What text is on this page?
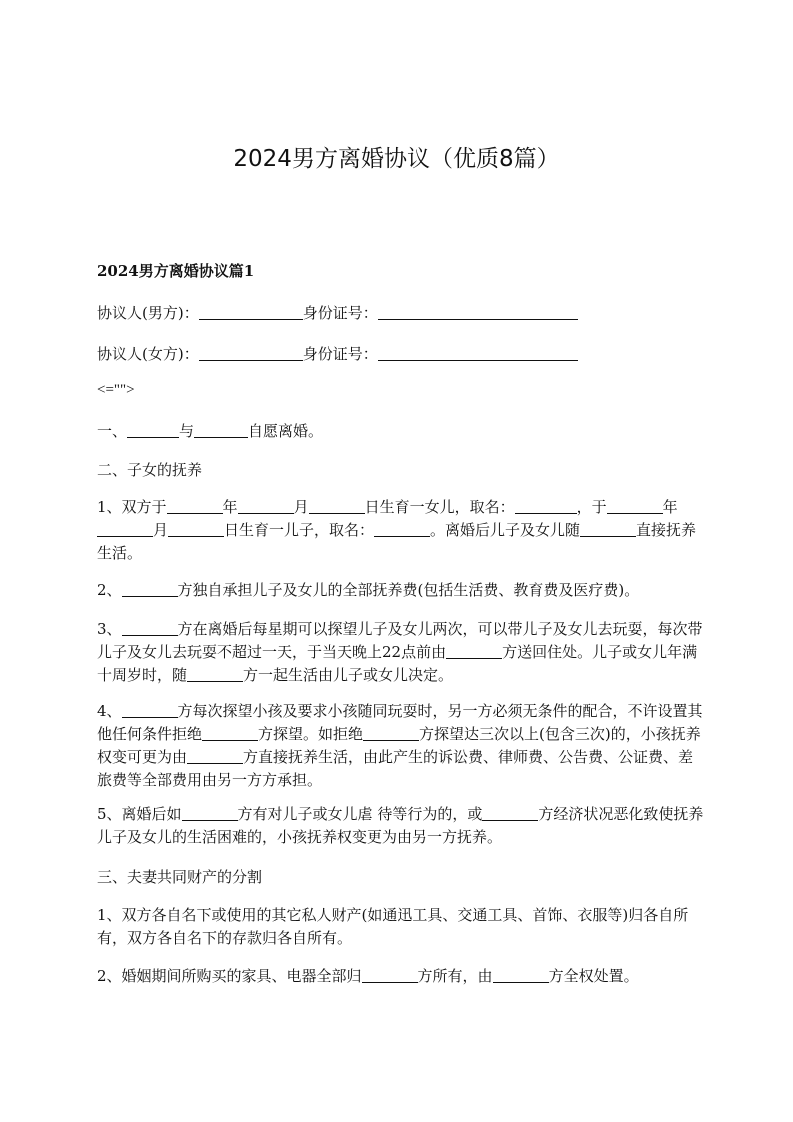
2024男方离婚协议（优质8篇）
2024男方离婚协议篇1
协议人(男方)：	身份证号：
协议人(女方)：	身份证号：
<="">
一、	与	自愿离婚。
二、子女的抚养
1、双方于	年	月	日生育一女儿，取名：	，于	年月	日生育一儿子，取名：	。离婚后儿子及女儿随	直接抚养生活。
2、	方独自承担儿子及女儿的全部抚养费(包括生活费、教育费及医疗费)。
3、	方在离婚后每星期可以探望儿子及女儿两次，可以带儿子及女儿去玩耍，每次带儿子及女儿去玩耍不超过一天，于当天晚上22点前由	方送回住处。儿子或女儿年满十周岁时，随	方一起生活由儿子或女儿决定。
4、	方每次探望小孩及要求小孩随同玩耍时，另一方必须无条件的配合，不许设置其他任何条件拒绝	方探望。如拒绝	方探望达三次以上(包含三次)的，小孩抚养权变可更为由	方直接抚养生活，由此产生的诉讼费、律师费、公告费、公证费、差旅费等全部费用由另一方方承担。
5、离婚后如	方有对儿子或女儿虐 待等行为的，或	方经济状况恶化致使抚养儿子及女儿的生活困难的，小孩抚养权变更为由另一方抚养。
三、夫妻共同财产的分割
1、双方各自名下或使用的其它私人财产(如通迅工具、交通工具、首饰、衣服等)归各自所有，双方各自名下的存款归各自所有。
2、婚姻期间所购买的家具、电器全部归	方所有，由	方全权处置。
